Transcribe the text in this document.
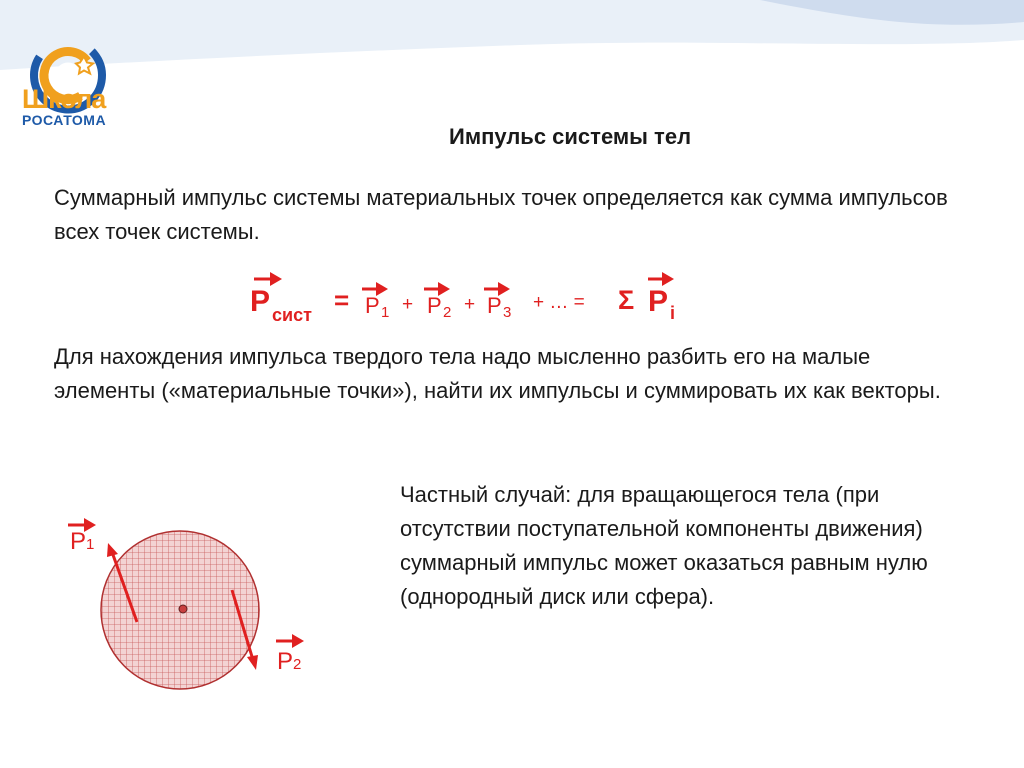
Школа
РОСАТОМА
Импульс системы тел

Суммарный импульс системы материальных точек определяется как сумма импульсов всех точек системы.

P сист = P 1 + P 2 + P 3 + … = Σ P i

Для нахождения импульса твердого тела надо мысленно разбить его на малые элементы («материальные точки»), найти их импульсы и суммировать их как векторы.

Частный случай: для вращающегося тела (при отсутствии поступательной компоненты движения) суммарный импульс может оказаться равным нулю (однородный диск или сфера).

P1
P2
